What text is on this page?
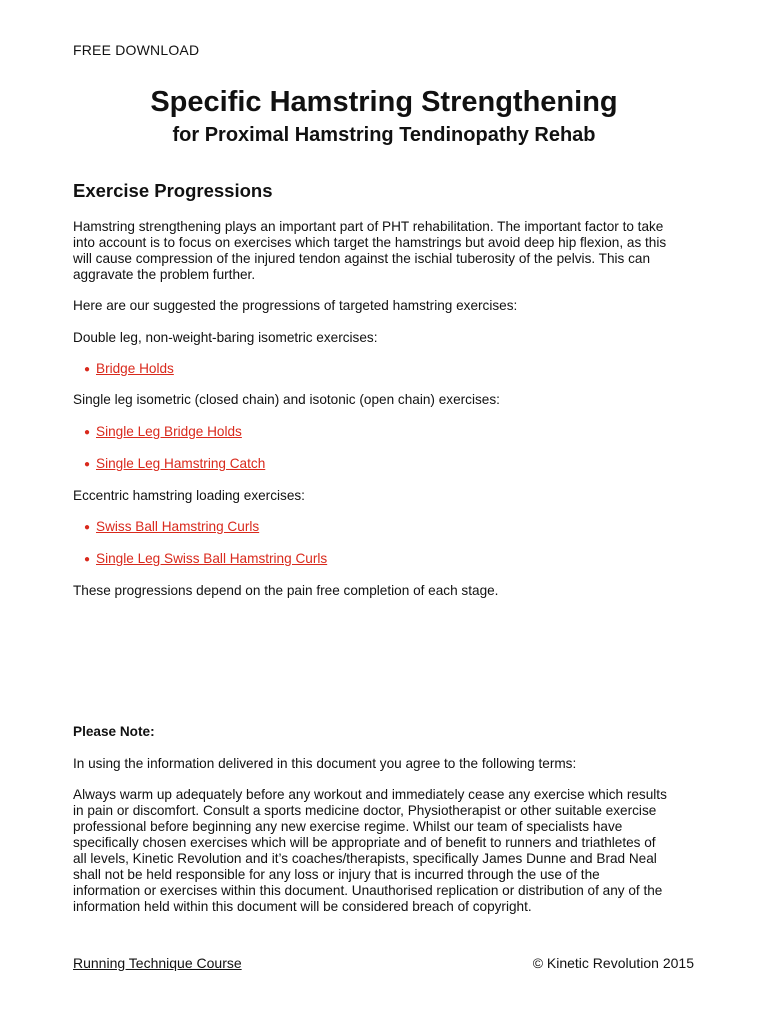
FREE DOWNLOAD
Specific Hamstring Strengthening
for Proximal Hamstring Tendinopathy Rehab
Exercise Progressions
Hamstring strengthening plays an important part of PHT rehabilitation. The important factor to take
into account is to focus on exercises which target the hamstrings but avoid deep hip flexion, as this
will cause compression of the injured tendon against the ischial tuberosity of the pelvis. This can
aggravate the problem further.
Here are our suggested the progressions of targeted hamstring exercises:
Double leg, non-weight-baring isometric exercises:
● Bridge Holds
Single leg isometric (closed chain) and isotonic (open chain) exercises:
● Single Leg Bridge Holds
● Single Leg Hamstring Catch
Eccentric hamstring loading exercises:
● Swiss Ball Hamstring Curls
● Single Leg Swiss Ball Hamstring Curls
These progressions depend on the pain free completion of each stage.
Please Note:
In using the information delivered in this document you agree to the following terms:
Always warm up adequately before any workout and immediately cease any exercise which results
in pain or discomfort. Consult a sports medicine doctor, Physiotherapist or other suitable exercise
professional before beginning any new exercise regime. Whilst our team of specialists have
specifically chosen exercises which will be appropriate and of benefit to runners and triathletes of
all levels, Kinetic Revolution and it’s coaches/therapists, specifically James Dunne and Brad Neal
shall not be held responsible for any loss or injury that is incurred through the use of the
information or exercises within this document. Unauthorised replication or distribution of any of the
information held within this document will be considered breach of copyright.
Running Technique Course	© Kinetic Revolution 2015
